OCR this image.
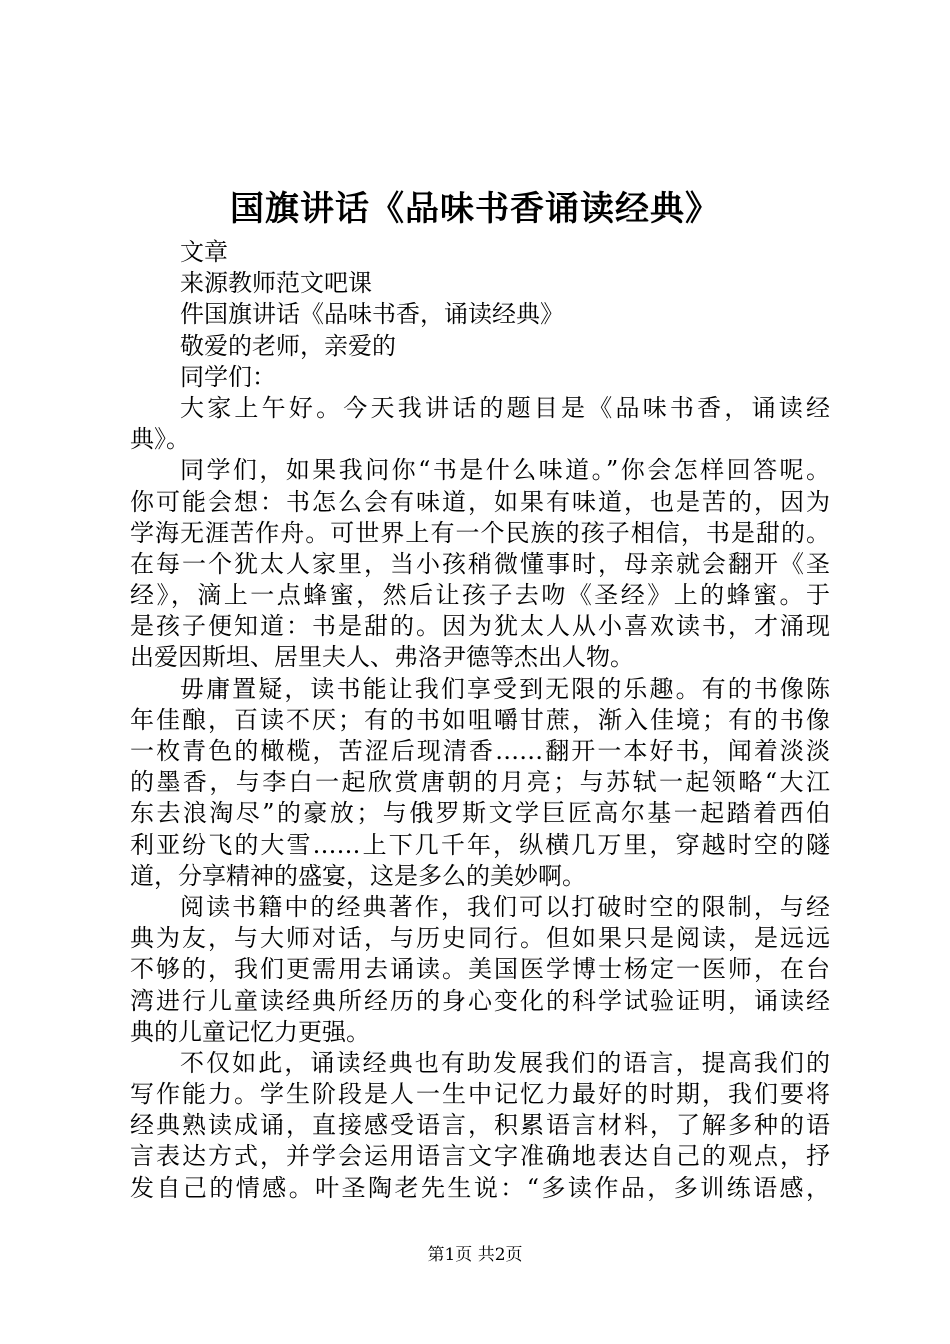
国旗讲话《品味书香诵读经典》

文章

来源教师范文吧课

件国旗讲话《品味书香，诵读经典》

敬爱的老师，亲爱的

同学们：

大家上午好。今天我讲话的题目是《品味书香，诵读经

典》。

同学们，如果我问你“书是什么味道。”你会怎样回答呢。

你可能会想：书怎么会有味道，如果有味道，也是苦的，因为

学海无涯苦作舟。可世界上有一个民族的孩子相信，书是甜的。

在每一个犹太人家里，当小孩稍微懂事时，母亲就会翻开《圣

经》，滴上一点蜂蜜，然后让孩子去吻《圣经》上的蜂蜜。于

是孩子便知道：书是甜的。因为犹太人从小喜欢读书，才涌现

出爱因斯坦、居里夫人、弗洛尹德等杰出人物。

毋庸置疑，读书能让我们享受到无限的乐趣。有的书像陈

年佳酿，百读不厌；有的书如咀嚼甘蔗，渐入佳境；有的书像

一枚青色的橄榄，苦涩后现清香……翻开一本好书，闻着淡淡

的墨香，与李白一起欣赏唐朝的月亮；与苏轼一起领略“大江

东去浪淘尽”的豪放；与俄罗斯文学巨匠高尔基一起踏着西伯

利亚纷飞的大雪……上下几千年，纵横几万里，穿越时空的隧

道，分享精神的盛宴，这是多么的美妙啊。

阅读书籍中的经典著作，我们可以打破时空的限制，与经

典为友，与大师对话，与历史同行。但如果只是阅读，是远远

不够的，我们更需用去诵读。美国医学博士杨定一医师，在台

湾进行儿童读经典所经历的身心变化的科学试验证明，诵读经

典的儿童记忆力更强。

不仅如此，诵读经典也有助发展我们的语言，提高我们的

写作能力。学生阶段是人一生中记忆力最好的时期，我们要将

经典熟读成诵，直接感受语言，积累语言材料，了解多种的语

言表达方式，并学会运用语言文字准确地表达自己的观点，抒

发自己的情感。叶圣陶老先生说：“多读作品，多训练语感，

第1页 共2页
